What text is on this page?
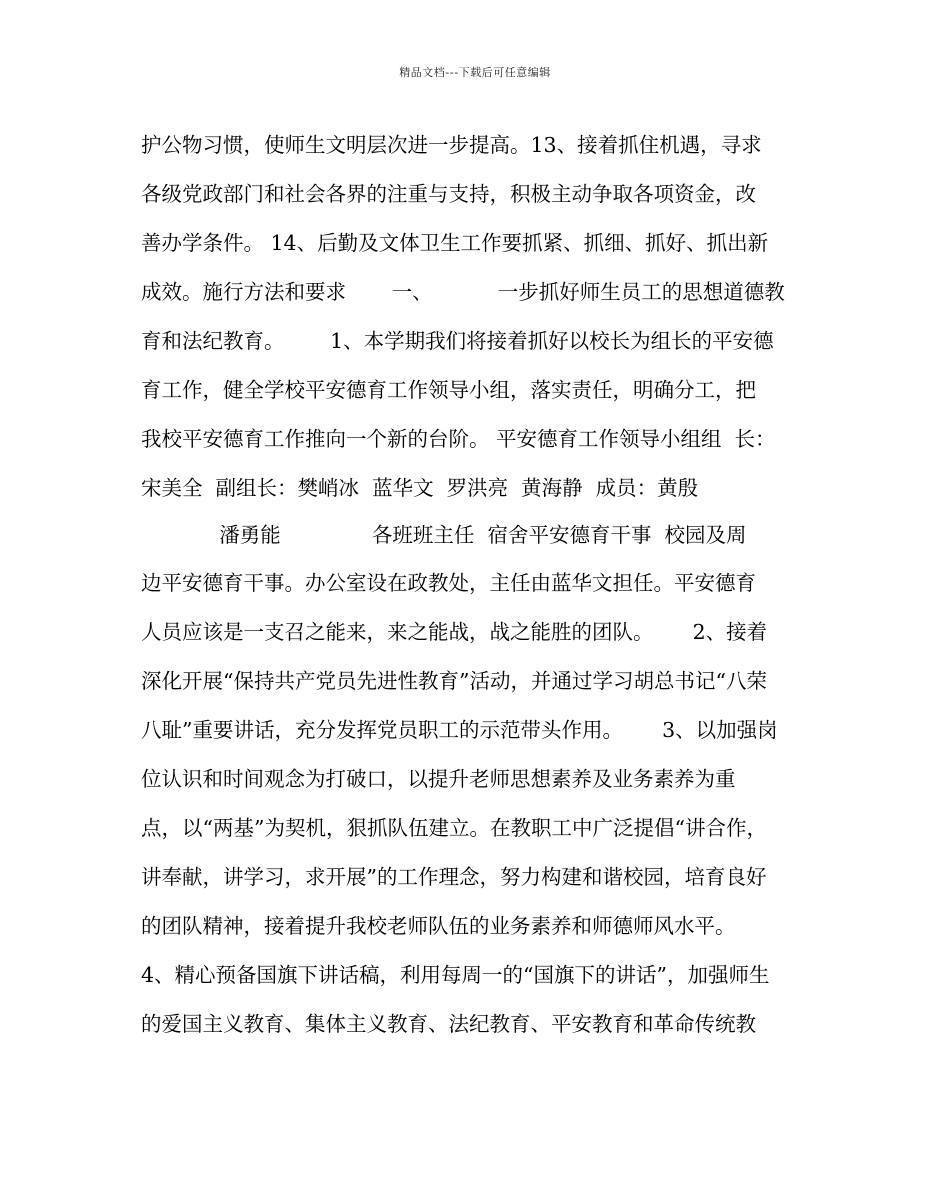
精品文档---下载后可任意编辑
护公物习惯，使师生文明层次进一步提高。13、接着抓住机遇，寻求
各级党政部门和社会各界的注重与支持，积极主动争取各项资金，改
善办学条件。 14、后勤及文体卫生工作要抓紧、抓细、抓好、抓出新
成效。施行方法和要求       一、          一步抓好师生员工的思想道德教
育和法纪教育。       1、本学期我们将接着抓好以校长为组长的平安德
育工作，健全学校平安德育工作领导小组，落实责任，明确分工，把
我校平安德育工作推向一个新的台阶。 平安德育工作领导小组组  长：
宋美全  副组长：樊峭冰  蓝华文  罗洪亮  黄海静  成员：黄殷
潘勇能              各班班主任  宿舍平安德育干事  校园及周
边平安德育干事。办公室设在政教处，主任由蓝华文担任。平安德育
人员应该是一支召之能来，来之能战，战之能胜的团队。      2、接着
深化开展“保持共产党员先进性教育”活动，并通过学习胡总书记“八荣
八耻”重要讲话，充分发挥党员职工的示范带头作用。      3、以加强岗
位认识和时间观念为打破口，以提升老师思想素养及业务素养为重
点，以“两基”为契机，狠抓队伍建立。在教职工中广泛提倡“讲合作，
讲奉献，讲学习，求开展”的工作理念，努力构建和谐校园，培育良好
的团队精神，接着提升我校老师队伍的业务素养和师德师风水平。
4、精心预备国旗下讲话稿，利用每周一的“国旗下的讲话”，加强师生
的爱国主义教育、集体主义教育、法纪教育、平安教育和革命传统教
